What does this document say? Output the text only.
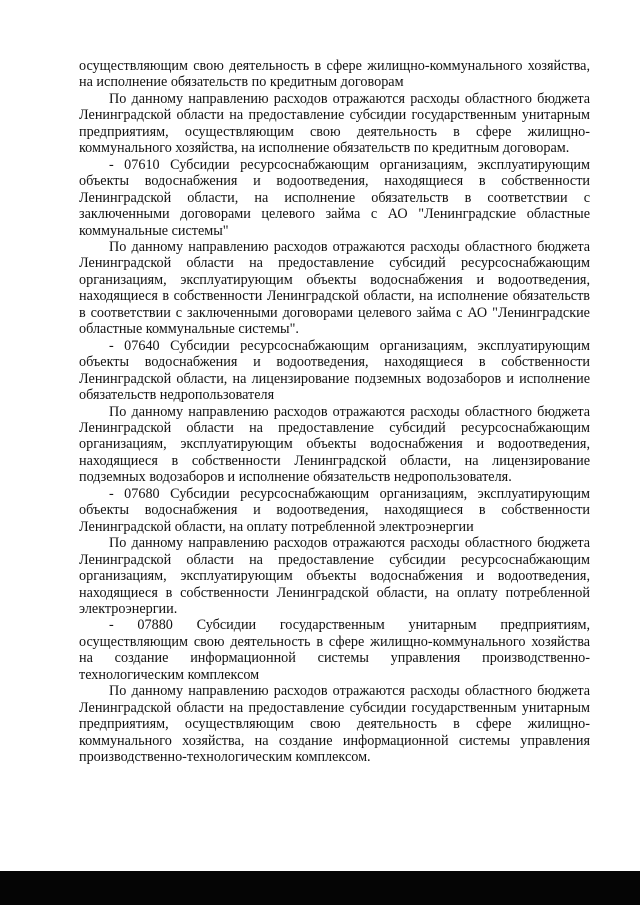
осуществляющим свою деятельность в сфере жилищно-коммунального хозяйства, на исполнение обязательств по кредитным договорам

По данному направлению расходов отражаются расходы областного бюджета Ленинградской области на предоставление субсидии государственным унитарным предприятиям, осуществляющим свою деятельность в сфере жилищно-коммунального хозяйства, на исполнение обязательств по кредитным договорам.

- 07610 Субсидии ресурсоснабжающим организациям, эксплуатирующим объекты водоснабжения и водоотведения, находящиеся в собственности Ленинградской области, на исполнение обязательств в соответствии с заключенными договорами целевого займа с АО "Ленинградские областные коммунальные системы"

По данному направлению расходов отражаются расходы областного бюджета Ленинградской области на предоставление субсидий ресурсоснабжающим организациям, эксплуатирующим объекты водоснабжения и водоотведения, находящиеся в собственности Ленинградской области, на исполнение обязательств в соответствии с заключенными договорами целевого займа с АО "Ленинградские областные коммунальные системы".

- 07640 Субсидии ресурсоснабжающим организациям, эксплуатирующим объекты водоснабжения и водоотведения, находящиеся в собственности Ленинградской области, на лицензирование подземных водозаборов и исполнение обязательств недропользователя

По данному направлению расходов отражаются расходы областного бюджета Ленинградской области на предоставление субсидий ресурсоснабжающим организациям, эксплуатирующим объекты водоснабжения и водоотведения, находящиеся в собственности Ленинградской области, на лицензирование подземных водозаборов и исполнение обязательств недропользователя.

- 07680 Субсидии ресурсоснабжающим организациям, эксплуатирующим объекты водоснабжения и водоотведения, находящиеся в собственности Ленинградской области, на оплату потребленной электроэнергии

По данному направлению расходов отражаются расходы областного бюджета Ленинградской области на предоставление субсидии ресурсоснабжающим организациям, эксплуатирующим объекты водоснабжения и водоотведения, находящиеся в собственности Ленинградской области, на оплату потребленной электроэнергии.

- 07880 Субсидии государственным унитарным предприятиям, осуществляющим свою деятельность в сфере жилищно-коммунального хозяйства на создание информационной системы управления производственно-технологическим комплексом

По данному направлению расходов отражаются расходы областного бюджета Ленинградской области на предоставление субсидии государственным унитарным предприятиям, осуществляющим свою деятельность в сфере жилищно-коммунального хозяйства, на создание информационной системы управления производственно-технологическим комплексом.
